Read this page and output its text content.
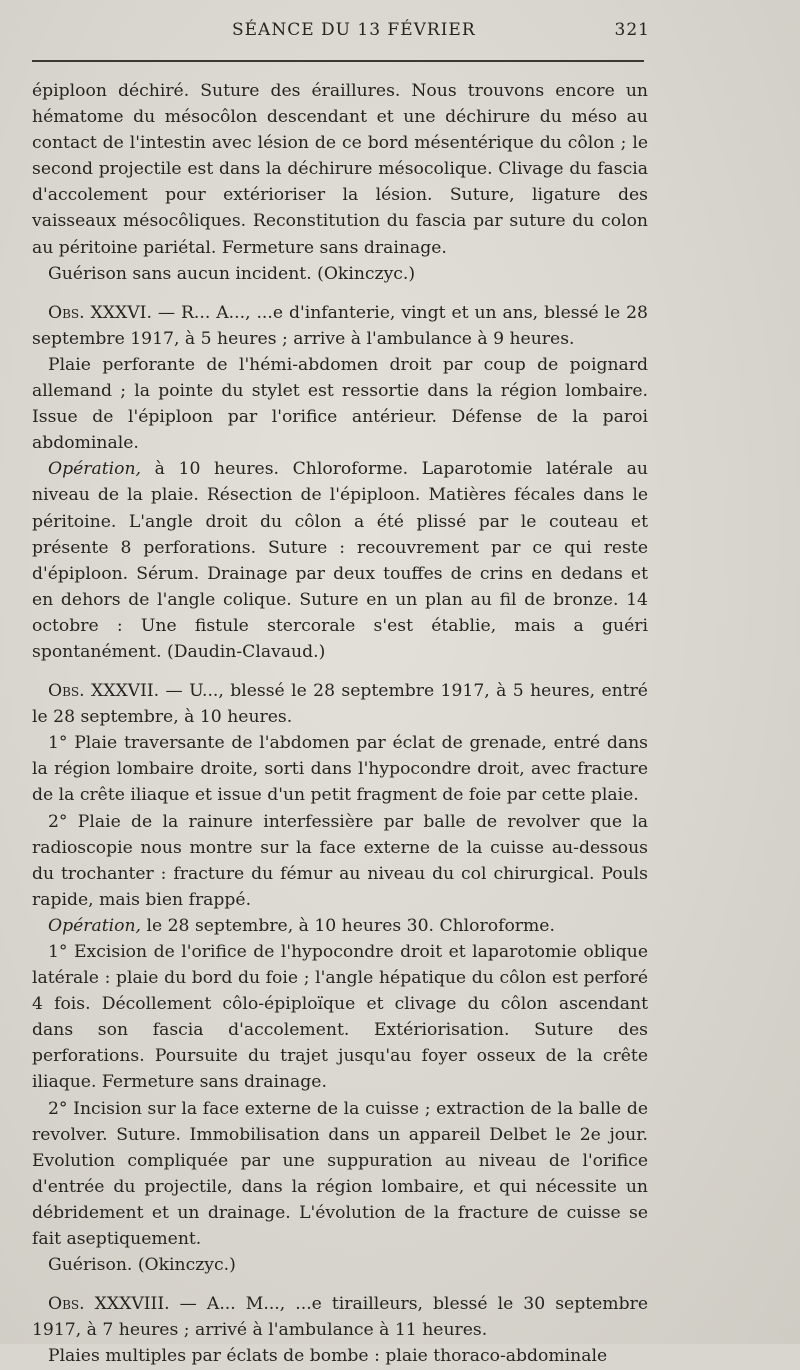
SÉANCE DU 13 FÉVRIER	321

épiploon déchiré. Suture des éraillures. Nous trouvons encore un hématome du mésocôlon descendant et une déchirure du méso au contact de l'intestin avec lésion de ce bord mésentérique du côlon ; le second projectile est dans la déchirure mésocolique. Clivage du fascia d'accolement pour extérioriser la lésion. Suture, ligature des vaisseaux mésocôliques. Reconstitution du fascia par suture du colon au péritoine pariétal. Fermeture sans drainage.

Guérison sans aucun incident. (Okinczyc.)

Obs. XXXVI. — R... A..., ...e d'infanterie, vingt et un ans, blessé le 28 septembre 1917, à 5 heures ; arrive à l'ambulance à 9 heures.

Plaie perforante de l'hémi-abdomen droit par coup de poignard allemand ; la pointe du stylet est ressortie dans la région lombaire. Issue de l'épiploon par l'orifice antérieur. Défense de la paroi abdominale.

Opération, à 10 heures. Chloroforme. Laparotomie latérale au niveau de la plaie. Résection de l'épiploon. Matières fécales dans le péritoine. L'angle droit du côlon a été plissé par le couteau et présente 8 perforations. Suture : recouvrement par ce qui reste d'épiploon. Sérum. Drainage par deux touffes de crins en dedans et en dehors de l'angle colique. Suture en un plan au fil de bronze. 14 octobre : Une fistule stercorale s'est établie, mais a guéri spontanément. (Daudin-Clavaud.)

Obs. XXXVII. — U..., blessé le 28 septembre 1917, à 5 heures, entré le 28 septembre, à 10 heures.

1° Plaie traversante de l'abdomen par éclat de grenade, entré dans la région lombaire droite, sorti dans l'hypocondre droit, avec fracture de la crête iliaque et issue d'un petit fragment de foie par cette plaie.

2° Plaie de la rainure interfessière par balle de revolver que la radioscopie nous montre sur la face externe de la cuisse au-dessous du trochanter : fracture du fémur au niveau du col chirurgical. Pouls rapide, mais bien frappé.

Opération, le 28 septembre, à 10 heures 30. Chloroforme.

1° Excision de l'orifice de l'hypocondre droit et laparotomie oblique latérale : plaie du bord du foie ; l'angle hépatique du côlon est perforé 4 fois. Décollement côlo-épiploïque et clivage du côlon ascendant dans son fascia d'accolement. Extériorisation. Suture des perforations. Poursuite du trajet jusqu'au foyer osseux de la crête iliaque. Fermeture sans drainage.

2° Incision sur la face externe de la cuisse ; extraction de la balle de revolver. Suture. Immobilisation dans un appareil Delbet le 2e jour. Evolution compliquée par une suppuration au niveau de l'orifice d'entrée du projectile, dans la région lombaire, et qui nécessite un débridement et un drainage. L'évolution de la fracture de cuisse se fait aseptiquement.

Guérison. (Okinczyc.)

Obs. XXXVIII. — A... M..., ...e tirailleurs, blessé le 30 septembre 1917, à 7 heures ; arrivé à l'ambulance à 11 heures.

Plaies multiples par éclats de bombe : plaie thoraco-abdominale
